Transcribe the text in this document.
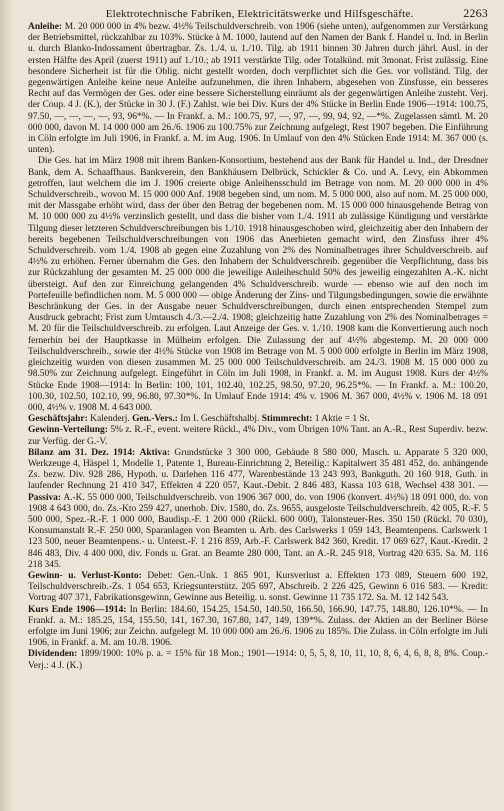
Elektrotechnische Fabriken, Elektricitätswerke und Hilfsgeschäfte.	2263

Anleihe: M. 20 000 000 in 4% bezw. 4½% Teilschuldverschreib. von 1906 (siehe unten), aufgenommen zur Verstärkung der Betriebsmittel, rückzahlbar zu 103%. Stücke à M. 1000, lautend auf den Namen der Bank f. Handel u. Ind. in Berlin u. durch Blanko-Indossament übertragbar. Zs. 1./4. u. 1./10. Tilg. ab 1911 binnen 30 Jahren durch jährl. Ausl. in der ersten Hälfte des April (zuerst 1911) auf 1./10.; ab 1911 verstärkte Tilg. oder Totalkünd. mit 3monat. Frist zulässig. Eine besondere Sicherheit ist für die Oblig. nicht gestellt worden, doch verpflichtet sich die Ges. vor vollständ. Tilg. der gegenwärtigen Anleihe keine neue Anleihe aufzunehmen, die ihren Inhabern, abgesehen von Zinsfusse, ein besseres Recht auf das Vermögen der Ges. oder eine bessere Sicherstellung einräumt als der gegenwärtigen Anleihe zusteht. Verj. der Coup. 4 J. (K.), der Stücke in 30 J. (F.) Zahlst. wie bei Div. Kurs der 4% Stücke in Berlin Ende 1906—1914: 100.75, 97.50, —, —, —, —, 93, 96*%. — In Frankf. a. M.: 100.75, 97, —, 97, —, 99, 94, 92, —*%. Zugelassen sämtl. M. 20 000 000, davon M. 14 000 000 am 26./6. 1906 zu 100.75% zur Zeichnung aufgelegt, Rest 1907 begeben. Die Einführung in Cöln erfolgte im Juli 1906, in Frankf. a. M. im Aug. 1906. In Umlauf von den 4% Stücken Ende 1914: M. 367 000 (s. unten).

Die Ges. hat im März 1908 mit ihrem Banken-Konsortium, bestehend aus der Bank für Handel u. Ind., der Dresdner Bank, dem A. Schaaffhaus. Bankverein, den Bankhäusern Delbrück, Schickler & Co. und A. Levy, ein Abkommen getroffen, laut welchem die im J. 1906 creierte obige Anleihensschuld im Betrage von nom. M. 20 000 000 in 4% Schuldverschreib., wovon M. 15 000 000 Anf. 1908 begeben sind, um nom. M. 5 000 000, also auf nom. M. 25 000 000, mit der Massgabe erhöht wird, dass der über den Betrag der begebenen nom. M. 15 000 000 hinausgehende Betrag von M. 10 000 000 zu 4½% verzinslich gestellt, und dass die bisher vom 1./4. 1911 ab zulässige Kündigung und verstärkte Tilgung dieser letzteren Schuldverschreibungen bis 1./10. 1918 hinausgeschoben wird, gleichzeitig aber den Inhabern der bereits begebenen Teilschuldverschreibungen von 1906 das Anerbieten gemacht wird, den Zinsfuss ihrer 4% Schuldverschreib. vom 1./4. 1908 ab gegen eine Zuzahlung von 2% des Nominalbetrages ihrer Schuldverschreib. auf 4½% zu erhöhen. Ferner übernahm die Ges. den Inhabern der Schuldverschreib. gegenüber die Verpflichtung, dass bis zur Rückzahlung der gesamten M. 25 000 000 die jeweilige Anleiheschuld 50% des jeweilig eingezahlten A.-K. nicht übersteigt. Auf den zur Einreichung gelangenden 4% Schuldverschreib. wurde — ebenso wie auf den noch im Portefeuille befindlichen nom. M. 5 000 000 — obige Änderung der Zins- und Tilgungsbedingungen, sowie die erwähnte Beschränkung der Ges. in der Ausgabe neuer Schuldverschreibungen, durch einen entsprechenden Stempel zum Ausdruck gebracht; Frist zum Umtausch 4./3.—2./4. 1908; gleichzeitig hatte Zuzahlung von 2% des Nominalbetrages = M. 20 für die Teilschuldverschreib. zu erfolgen. Laut Anzeige der Ges. v. 1./10. 1908 kam die Konvertierung auch noch fernerhin bei der Hauptkasse in Mülheim erfolgen. Die Zulassung der auf 4½% abgestemp. M. 20 000 000 Teilschuldverschreib., sowie der 4½% Stücke von 1908 im Betrage von M. 5 000 000 erfolgte in Berlin im März 1908, gleichzeitig wurden von diesen zusammen M. 25 000 000 Teilschuldverschreib. am 24./3. 1908 M. 15 000 000 zu 98.50% zur Zeichnung aufgelegt. Eingeführt in Cöln im Juli 1908, in Frankf. a. M. im August 1908. Kurs der 4½% Stücke Ende 1908—1914: In Berlin: 100, 101, 102.40, 102.25, 98.50, 97.20, 96.25*%. — In Frankf. a. M.: 100.20, 100.30, 102.50, 102.10, 99, 96.80, 97.30*%. In Umlauf Ende 1914: 4% v. 1906 M. 367 000, 4½% v. 1906 M. 18 091 000, 4½% v. 1908 M. 4 643 000.

Geschäftsjahr: Kalenderj. Gen.-Vers.: Im I. Geschäftshalbj. Stimmrecht: 1 Aktie = 1 St.

Gewinn-Verteilung: 5% z. R.-F., event. weitere Rückl., 4% Div., vom Übrigen 10% Tant. an A.-R., Rest Superdiv. bezw. zur Verfüg. der G.-V.

Bilanz am 31. Dez. 1914: Aktiva: Grundstücke 3 300 000, Gebäude 8 580 000, Masch. u. Apparate 5 320 000, Werkzeuge 4, Häspel 1, Modelle 1, Patente 1, Bureau-Einrichtung 2, Beteilig.: Kapitalwert 35 481 452, do. anhängende Zs. bezw. Div. 928 286, Hypoth. u. Darlehen 116 477, Warenbestände 13 243 993, Bankguth. 20 160 918, Guth. in laufender Rechnung 21 410 347, Effekten 4 220 057, Kaut.-Debit. 2 846 483, Kassa 103 618, Wechsel 438 301. — Passiva: A.-K. 55 000 000, Teilschuldverschreib. von 1906 367 000, do. von 1906 (konvert. 4½%) 18 091 000, do. von 1908 4 643 000, do. Zs.-Kto 259 427, unerhob. Div. 1580, do. Zs. 9655, ausgeloste Teilschuldverschreib. 42 005, R.-F. 5 500 000, Spez.-R.-F. 1 000 000, Baudisp.-F. 1 200 000 (Rückl. 600 000), Talonsteuer-Res. 350 150 (Rückl. 70 030), Konsumanstalt R.-F. 250 000, Sparanlagen von Beamten u. Arb. des Carlswerks 1 059 143, Beamtenpens. Carlswerk 1 123 500, neuer Beamtenpens.- u. Unterst.-F. 1 216 859, Arb.-F. Carlswerk 842 360, Kredit. 17 069 627, Kaut.-Kredit. 2 846 483, Div. 4 400 000, div. Fonds u. Grat. an Beamte 280 000, Tant. an A.-R. 245 918, Vortrag 420 635. Sa. M. 116 218 345.

Gewinn- u. Verlust-Konto: Debet: Gen.-Unk. 1 865 901, Kursverlust a. Effekten 173 089, Steuern 600 192, Teilschuldverschreib.-Zs. 1 054 653, Kriegsunterstütz. 205 697, Abschreib. 2 226 425, Gewinn 6 016 583. — Kredit: Vortrag 407 371, Fabrikationsgewinn, Gewinne aus Beteilig. u. sonst. Gewinne 11 735 172. Sa. M. 12 142 543.

Kurs Ende 1906—1914: In Berlin: 184.60, 154.25, 154.50, 140.50, 166.50, 166.90, 147.75, 148.80, 126.10*%. — In Frankf. a. M.: 185.25, 154, 155.50, 141, 167.30, 167.80, 147, 149, 139*%. Zulass. der Aktien an der Berliner Börse erfolgte im Juni 1906; zur Zeichn. aufgelegt M. 10 000 000 am 26./6. 1906 zu 185%. Die Zulass. in Cöln erfolgte im Juli 1906, in Frankf. a. M. am 10./8. 1906.

Dividenden: 1899/1900: 10% p. a. = 15% für 18 Mon.; 1901—1914: 0, 5, 5, 8, 10, 11, 10, 8, 6, 4, 6, 8, 8, 8%. Coup.-Verj.: 4 J. (K.)
